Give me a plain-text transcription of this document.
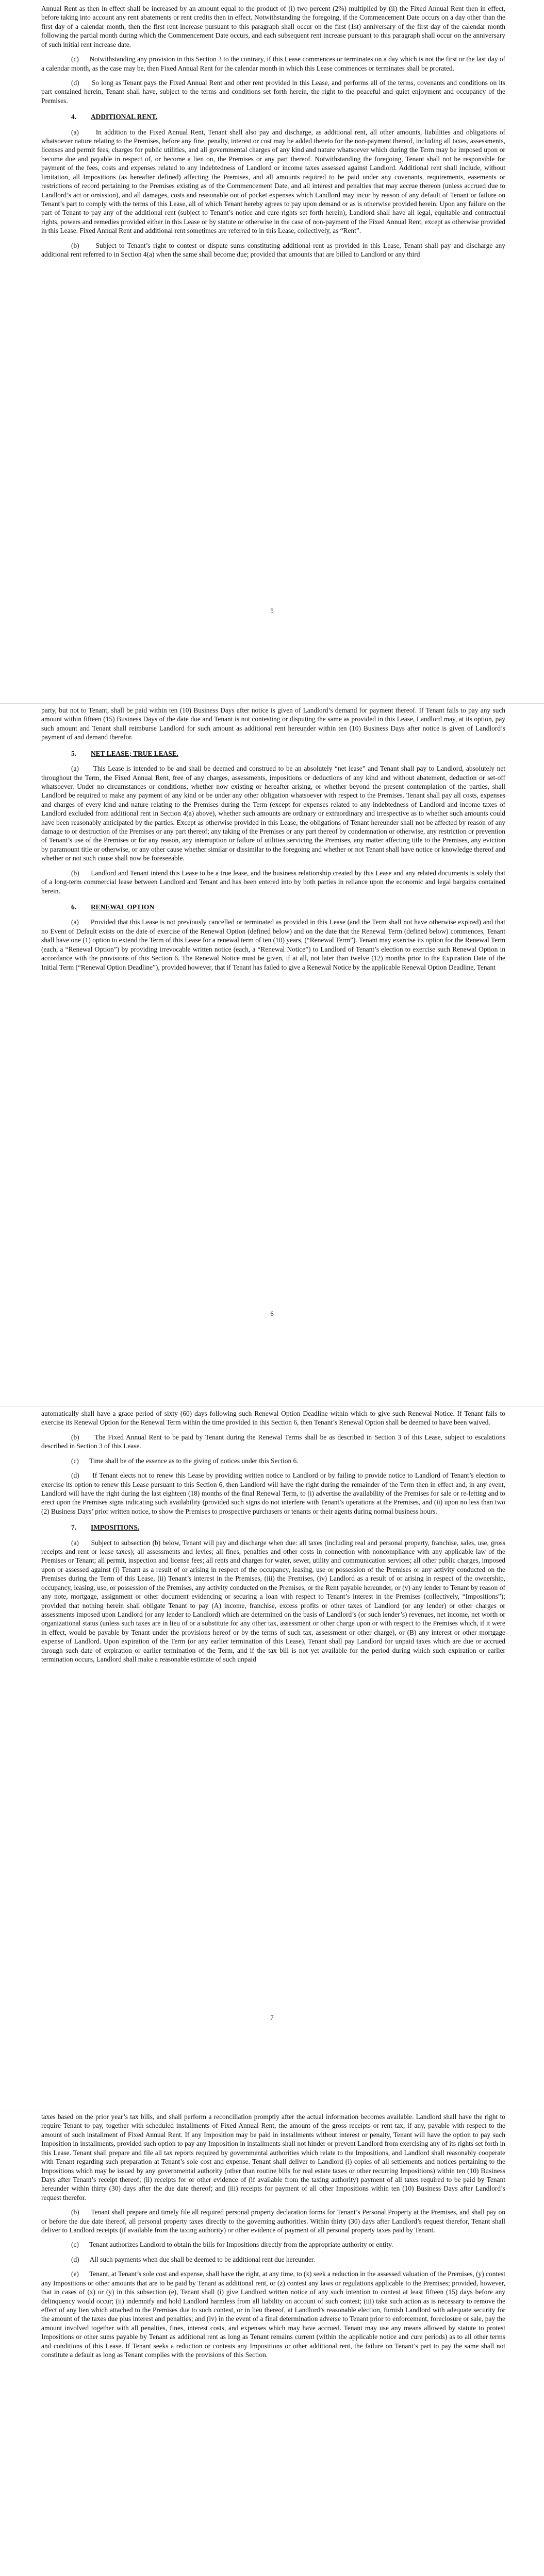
Annual Rent as then in effect shall be increased by an amount equal to the product of (i) two percent (2%) multiplied by (ii) the Fixed Annual Rent then in effect, before taking into account any rent abatements or rent credits then in effect. Notwithstanding the foregoing, if the Commencement Date occurs on a day other than the first day of a calendar month, then the first rent increase pursuant to this paragraph shall occur on the first (1st) anniversary of the first day of the calendar month following the partial month during which the Commencement Date occurs, and each subsequent rent increase pursuant to this paragraph shall occur on the anniversary of such initial rent increase date.

(c)      Notwithstanding any provision in this Section 3 to the contrary, if this Lease commences or terminates on a day which is not the first or the last day of a calendar month, as the case may be, then Fixed Annual Rent for the calendar month in which this Lease commences or terminates shall be prorated.

(d)      So long as Tenant pays the Fixed Annual Rent and other rent provided in this Lease, and performs all of the terms, covenants and conditions on its part contained herein, Tenant shall have, subject to the terms and conditions set forth herein, the right to the peaceful and quiet enjoyment and occupancy of the Premises.

4. ADDITIONAL RENT.

(a)      In addition to the Fixed Annual Rent, Tenant shall also pay and discharge, as additional rent, all other amounts, liabilities and obligations of whatsoever nature relating to the Premises, before any fine, penalty, interest or cost may be added thereto for the non-payment thereof, including all taxes, assessments, licenses and permit fees, charges for public utilities, and all governmental charges of any kind and nature whatsoever which during the Term may be imposed upon or become due and payable in respect of, or become a lien on, the Premises or any part thereof. Notwithstanding the foregoing, Tenant shall not be responsible for payment of the fees, costs and expenses related to any indebtedness of Landlord or income taxes assessed against Landlord. Additional rent shall include, without limitation, all Impositions (as hereafter defined) affecting the Premises, and all amounts required to be paid under any covenants, requirements, easements or restrictions of record pertaining to the Premises existing as of the Commencement Date, and all interest and penalties that may accrue thereon (unless accrued due to Landlord’s act or omission), and all damages, costs and reasonable out of pocket expenses which Landlord may incur by reason of any default of Tenant or failure on Tenant’s part to comply with the terms of this Lease, all of which Tenant hereby agrees to pay upon demand or as is otherwise provided herein. Upon any failure on the part of Tenant to pay any of the additional rent (subject to Tenant’s notice and cure rights set forth herein), Landlord shall have all legal, equitable and contractual rights, powers and remedies provided either in this Lease or by statute or otherwise in the case of non-payment of the Fixed Annual Rent, except as otherwise provided in this Lease. Fixed Annual Rent and additional rent sometimes are referred to in this Lease, collectively, as “Rent”.

(b)      Subject to Tenant’s right to contest or dispute sums constituting additional rent as provided in this Lease, Tenant shall pay and discharge any additional rent referred to in Section 4(a) when the same shall become due; provided that amounts that are billed to Landlord or any third

5

party, but not to Tenant, shall be paid within ten (10) Business Days after notice is given of Landlord’s demand for payment thereof. If Tenant fails to pay any such amount within fifteen (15) Business Days of the date due and Tenant is not contesting or disputing the same as provided in this Lease, Landlord may, at its option, pay such amount and Tenant shall reimburse Landlord for such amount as additional rent hereunder within ten (10) Business Days after notice is given of Landlord’s payment of and demand therefor.

5. NET LEASE; TRUE LEASE.

(a)      This Lease is intended to be and shall be deemed and construed to be an absolutely “net lease” and Tenant shall pay to Landlord, absolutely net throughout the Term, the Fixed Annual Rent, free of any charges, assessments, impositions or deductions of any kind and without abatement, deduction or set-off whatsoever. Under no circumstances or conditions, whether now existing or hereafter arising, or whether beyond the present contemplation of the parties, shall Landlord be required to make any payment of any kind or be under any other obligation whatsoever with respect to the Premises. Tenant shall pay all costs, expenses and charges of every kind and nature relating to the Premises during the Term (except for expenses related to any indebtedness of Landlord and income taxes of Landlord excluded from additional rent in Section 4(a) above), whether such amounts are ordinary or extraordinary and irrespective as to whether such amounts could have been reasonably anticipated by the parties. Except as otherwise provided in this Lease, the obligations of Tenant hereunder shall not be affected by reason of any damage to or destruction of the Premises or any part thereof; any taking of the Premises or any part thereof by condemnation or otherwise, any restriction or prevention of Tenant’s use of the Premises or for any reason, any interruption or failure of utilities servicing the Premises, any matter affecting title to the Premises, any eviction by paramount title or otherwise, or any other cause whether similar or dissimilar to the foregoing and whether or not Tenant shall have notice or knowledge thereof and whether or not such cause shall now be foreseeable.

(b)      Landlord and Tenant intend this Lease to be a true lease, and the business relationship created by this Lease and any related documents is solely that of a long-term commercial lease between Landlord and Tenant and has been entered into by both parties in reliance upon the economic and legal bargains contained herein.

6. RENEWAL OPTION

(a)      Provided that this Lease is not previously cancelled or terminated as provided in this Lease (and the Term shall not have otherwise expired) and that no Event of Default exists on the date of exercise of the Renewal Option (defined below) and on the date that the Renewal Term (defined below) commences, Tenant shall have one (1) option to extend the Term of this Lease for a renewal term of ten (10) years, (“Renewal Term”). Tenant may exercise its option for the Renewal Term (each, a “Renewal Option”) by providing irrevocable written notice (each, a “Renewal Notice”) to Landlord of Tenant’s election to exercise such Renewal Option in accordance with the provisions of this Section 6. The Renewal Notice must be given, if at all, not later than twelve (12) months prior to the Expiration Date of the Initial Term (“Renewal Option Deadline”), provided however, that if Tenant has failed to give a Renewal Notice by the applicable Renewal Option Deadline, Tenant

6

automatically shall have a grace period of sixty (60) days following such Renewal Option Deadline within which to give such Renewal Notice. If Tenant fails to exercise its Renewal Option for the Renewal Term within the time provided in this Section 6, then Tenant’s Renewal Option shall be deemed to have been waived.

(b)      The Fixed Annual Rent to be paid by Tenant during the Renewal Terms shall be as described in Section 3 of this Lease, subject to escalations described in Section 3 of this Lease.

(c)      Time shall be of the essence as to the giving of notices under this Section 6.

(d)      If Tenant elects not to renew this Lease by providing written notice to Landlord or by failing to provide notice to Landlord of Tenant’s election to exercise its option to renew this Lease pursuant to this Section 6, then Landlord will have the right during the remainder of the Term then in effect and, in any event, Landlord will have the right during the last eighteen (18) months of the final Renewal Term, to (i) advertise the availability of the Premises for sale or re-letting and to erect upon the Premises signs indicating such availability (provided such signs do not interfere with Tenant’s operations at the Premises, and (ii) upon no less than two (2) Business Days’ prior written notice, to show the Premises to prospective purchasers or tenants or their agents during normal business hours.

7. IMPOSITIONS.

(a)      Subject to subsection (b) below, Tenant will pay and discharge when due: all taxes (including real and personal property, franchise, sales, use, gross receipts and rent or lease taxes); all assessments and levies; all fines, penalties and other costs in connection with noncompliance with any applicable law of the Premises or Tenant; all permit, inspection and license fees; all rents and charges for water, sewer, utility and communication services; all other public charges, imposed upon or assessed against (i) Tenant as a result of or arising in respect of the occupancy, leasing, use or possession of the Premises or any activity conducted on the Premises during the Term of this Lease, (ii) Tenant’s interest in the Premises, (iii) the Premises, (iv) Landlord as a result of or arising in respect of the ownership, occupancy, leasing, use, or possession of the Premises, any activity conducted on the Premises, or the Rent payable hereunder, or (v) any lender to Tenant by reason of any note, mortgage, assignment or other document evidencing or securing a loan with respect to Tenant’s interest in the Premises (collectively, “Impositions”); provided that nothing herein shall obligate Tenant to pay (A) income, franchise, excess profits or other taxes of Landlord (or any lender) or other charges or assessments imposed upon Landlord (or any lender to Landlord) which are determined on the basis of Landlord’s (or such lender’s) revenues, net income, net worth or organizational status (unless such taxes are in lieu of or a substitute for any other tax, assessment or other charge upon or with respect to the Premises which, if it were in effect, would be payable by Tenant under the provisions hereof or by the terms of such tax, assessment or other charge), or (B) any interest or other mortgage expense of Landlord. Upon expiration of the Term (or any earlier termination of this Lease), Tenant shall pay Landlord for unpaid taxes which are due or accrued through such date of expiration or earlier termination of the Term, and if the tax bill is not yet available for the period during which such expiration or earlier termination occurs, Landlord shall make a reasonable estimate of such unpaid

7

taxes based on the prior year’s tax bills, and shall perform a reconciliation promptly after the actual information becomes available. Landlord shall have the right to require Tenant to pay, together with scheduled installments of Fixed Annual Rent, the amount of the gross receipts or rent tax, if any, payable with respect to the amount of such installment of Fixed Annual Rent. If any Imposition may be paid in installments without interest or penalty, Tenant will have the option to pay such Imposition in installments, provided such option to pay any Imposition in installments shall not hinder or prevent Landlord from exercising any of its rights set forth in this Lease. Tenant shall prepare and file all tax reports required by governmental authorities which relate to the Impositions, and Landlord shall reasonably cooperate with Tenant regarding such preparation at Tenant’s sole cost and expense. Tenant shall deliver to Landlord (i) copies of all settlements and notices pertaining to the Impositions which may be issued by any governmental authority (other than routine bills for real estate taxes or other recurring Impositions) within ten (10) Business Days after Tenant’s receipt thereof; (ii) receipts for or other evidence of (if available from the taxing authority) payment of all taxes required to be paid by Tenant hereunder within thirty (30) days after the due date thereof; and (iii) receipts for payment of all other Impositions within ten (10) Business Days after Landlord’s request therefor.

(b)      Tenant shall prepare and timely file all required personal property declaration forms for Tenant’s Personal Property at the Premises, and shall pay on or before the due date thereof, all personal property taxes directly to the governing authorities. Within thirty (30) days after Landlord’s request therefor, Tenant shall deliver to Landlord receipts (if available from the taxing authority) or other evidence of payment of all personal property taxes paid by Tenant.

(c)      Tenant authorizes Landlord to obtain the bills for Impositions directly from the appropriate authority or entity.

(d)      All such payments when due shall be deemed to be additional rent due hereunder.

(e)      Tenant, at Tenant’s sole cost and expense, shall have the right, at any time, to (x) seek a reduction in the assessed valuation of the Premises, (y) contest any Impositions or other amounts that are to be paid by Tenant as additional rent, or (z) contest any laws or regulations applicable to the Premises; provided, however, that in cases of (x) or (y) in this subsection (e), Tenant shall (i) give Landlord written notice of any such intention to contest at least fifteen (15) days before any delinquency would occur; (ii) indemnify and hold Landlord harmless from all liability on account of such contest; (iii) take such action as is necessary to remove the effect of any lien which attached to the Premises due to such contest, or in lieu thereof, at Landlord’s reasonable election, furnish Landlord with adequate security for the amount of the taxes due plus interest and penalties; and (iv) in the event of a final determination adverse to Tenant prior to enforcement, foreclosure or sale, pay the amount involved together with all penalties, fines, interest costs, and expenses which may have accrued. Tenant may use any means allowed by statute to protest Impositions or other sums payable by Tenant as additional rent as long as Tenant remains current (within the applicable notice and cure periods) as to all other terms and conditions of this Lease. If Tenant seeks a reduction or contests any Impositions or other additional rent, the failure on Tenant’s part to pay the same shall not constitute a default as long as Tenant complies with the provisions of this Section.
